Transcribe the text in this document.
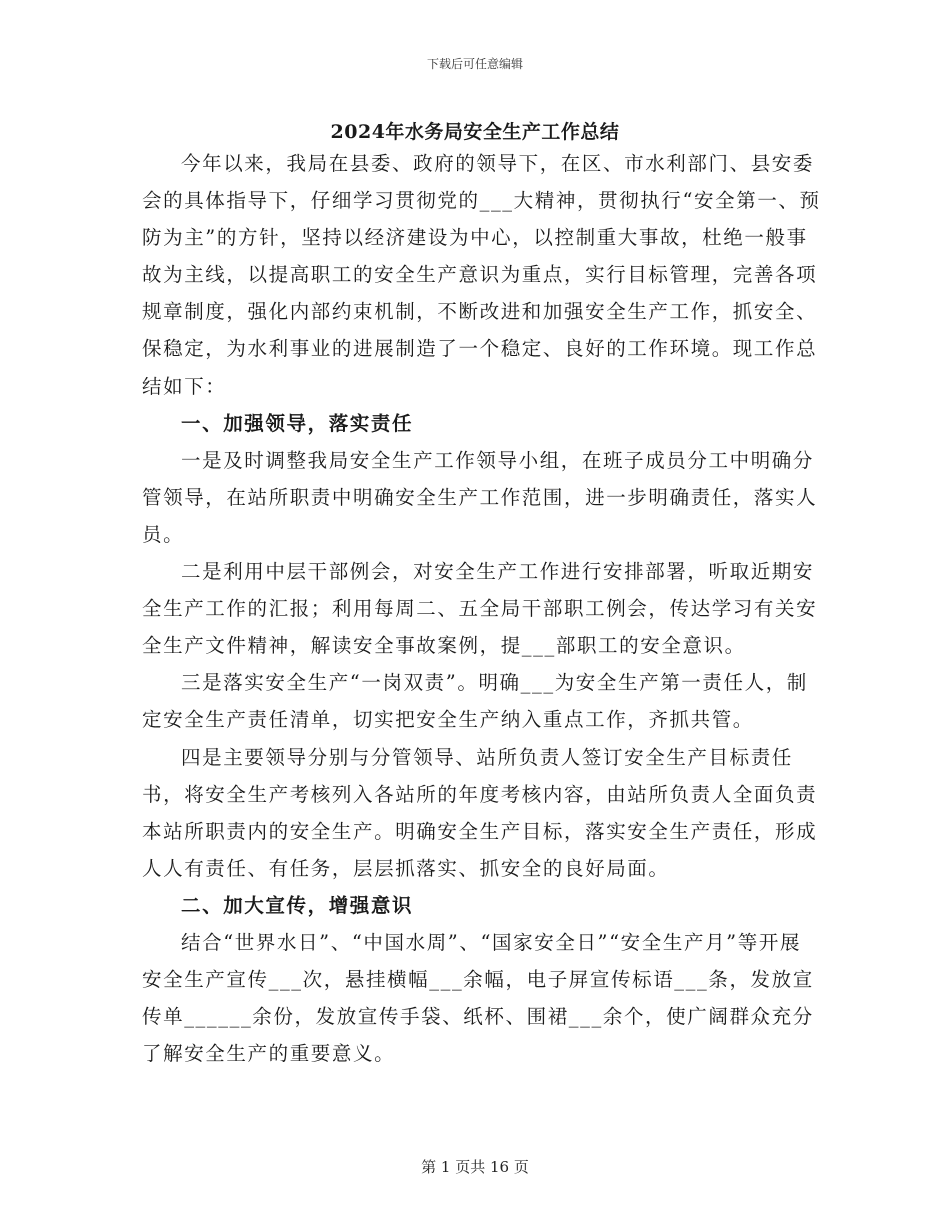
下载后可任意编辑
2024年水务局安全生产工作总结

今年以来，我局在县委、政府的领导下，在区、市水利部门、县安委会的具体指导下，仔细学习贯彻党的___大精神，贯彻执行“安全第一、预防为主”的方针，坚持以经济建设为中心，以控制重大事故，杜绝一般事故为主线，以提高职工的安全生产意识为重点，实行目标管理，完善各项规章制度，强化内部约束机制，不断改进和加强安全生产工作，抓安全、保稳定，为水利事业的进展制造了一个稳定、良好的工作环境。现工作总结如下：

一、加强领导，落实责任

一是及时调整我局安全生产工作领导小组，在班子成员分工中明确分管领导，在站所职责中明确安全生产工作范围，进一步明确责任，落实人员。

二是利用中层干部例会，对安全生产工作进行安排部署，听取近期安全生产工作的汇报；利用每周二、五全局干部职工例会，传达学习有关安全生产文件精神，解读安全事故案例，提___部职工的安全意识。

三是落实安全生产“一岗双责”。明确___为安全生产第一责任人，制定安全生产责任清单，切实把安全生产纳入重点工作，齐抓共管。

四是主要领导分别与分管领导、站所负责人签订安全生产目标责任书，将安全生产考核列入各站所的年度考核内容，由站所负责人全面负责本站所职责内的安全生产。明确安全生产目标，落实安全生产责任，形成人人有责任、有任务，层层抓落实、抓安全的良好局面。

二、加大宣传，增强意识

结合“世界水日”、“中国水周”、“国家安全日”“安全生产月”等开展安全生产宣传___次，悬挂横幅___余幅，电子屏宣传标语___条，发放宣传单______余份，发放宣传手袋、纸杯、围裙___余个，使广阔群众充分了解安全生产的重要意义。

第 1 页共 16 页
